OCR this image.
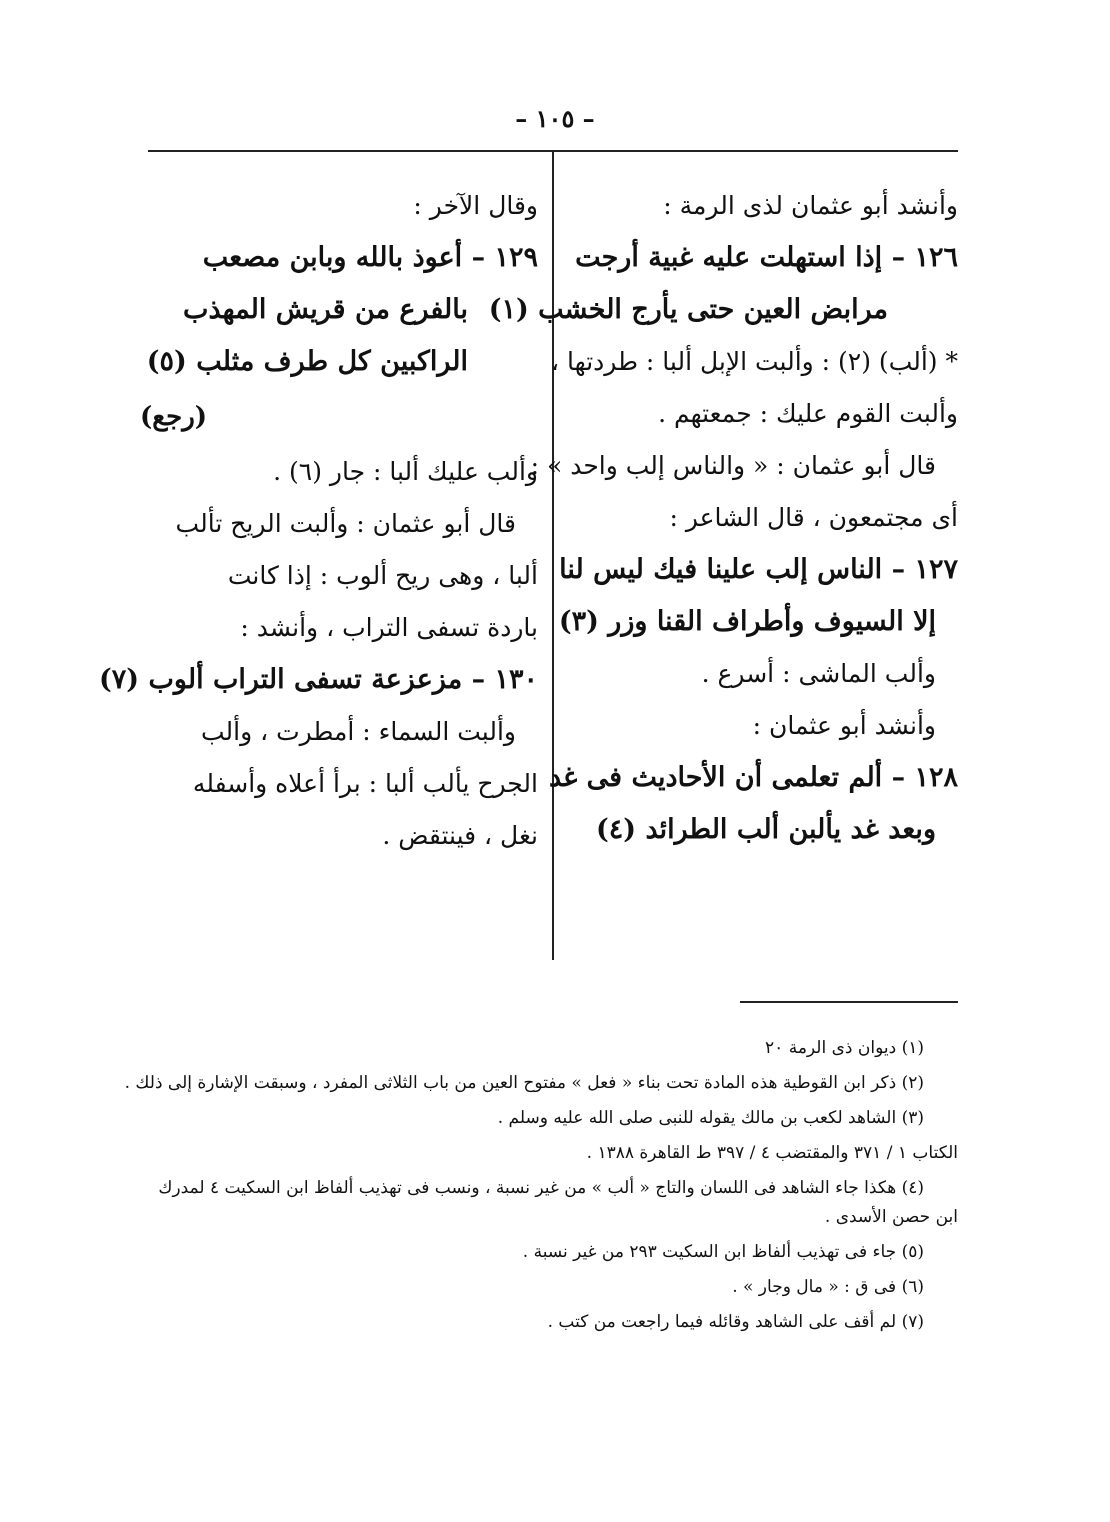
– ١٠٥ –
وأنشد أبو عثمان لذى الرمة :
١٢٦ – إذا استهلت عليه غبية أرجت
مرابض العين حتى يأرج الخشب (١)
* (ألب) (٢) : وألبت الإبل ألبا : طردتها ،
وألبت القوم عليك : جمعتهم .
قال أبو عثمان : « والناس إلب واحد » :
أى مجتمعون ، قال الشاعر :
١٢٧ – الناس إلب علينا فيك ليس لنا
إلا السيوف وأطراف القنا وزر (٣)
وألب الماشى : أسرع .
وأنشد أبو عثمان :
١٢٨ – ألم تعلمى أن الأحاديث فى غد
وبعد غد يألبن ألب الطرائد (٤)
وقال الآخر :
١٢٩ – أعوذ بالله وبابن مصعب
بالفرع من قريش المهذب
الراكبين كل طرف مثلب (٥)
(رجع)
وألب عليك ألبا : جار (٦) .
قال أبو عثمان : وألبت الريح تألب
ألبا ، وهى ريح ألوب : إذا كانت
باردة تسفى التراب ، وأنشد :
١٣٠ – مزعزعة تسفى التراب ألوب (٧)
وألبت السماء : أمطرت ، وألب
الجرح يألب ألبا : برأ أعلاه وأسفله
نغل ، فينتقض .
(١) ديوان ذى الرمة ٢٠
(٢) ذكر ابن القوطية هذه المادة تحت بناء « فعل » مفتوح العين من باب الثلاثى المفرد ، وسبقت الإشارة إلى ذلك .
(٣) الشاهد لكعب بن مالك يقوله للنبى صلى الله عليه وسلم .
الكتاب ١ / ٣٧١ والمقتضب ٤ / ٣٩٧ ط القاهرة ١٣٨٨ .
(٤) هكذا جاء الشاهد فى اللسان والتاج « ألب » من غير نسبة ، ونسب فى تهذيب ألفاظ ابن السكيت ٤ لمدرك
ابن حصن الأسدى .
(٥) جاء فى تهذيب ألفاظ ابن السكيت ٢٩٣ من غير نسبة .
(٦) فى ق : « مال وجار » .
(٧) لم أقف على الشاهد وقائله فيما راجعت من كتب .
